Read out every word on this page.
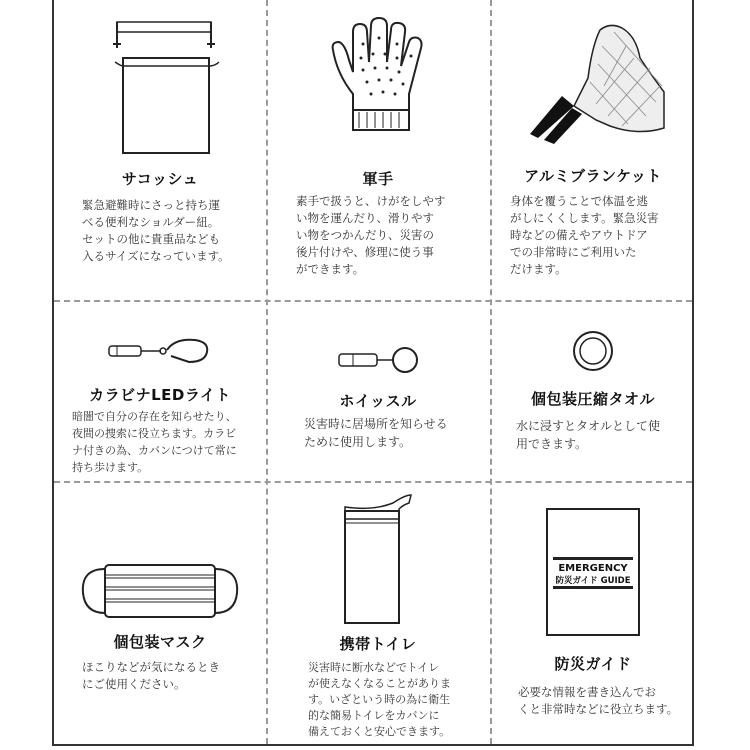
サコッシュ
緊急避難時にさっと持ち運
べる便利なショルダー紐。
セットの他に貴重品なども
入るサイズになっています。
軍手
素手で扱うと、けがをしやす
い物を運んだり、滑りやす
い物をつかんだり、災害の
後片付けや、修理に使う事
ができます。
アルミブランケット
身体を覆うことで体温を逃
がしにくくします。緊急災害
時などの備えやアウトドア
での非常時にご利用いた
だけます。
カラビナLEDライト
暗闇で自分の存在を知らせたり、
夜間の捜索に役立ちます。カラビ
ナ付きの為、カバンにつけて常に
持ち歩けます。
ホイッスル
災害時に居場所を知らせる
ために使用します。
個包装圧縮タオル
水に浸すとタオルとして使
用できます。
個包装マスク
ほこりなどが気になるとき
にご使用ください。
携帯トイレ
災害時に断水などでトイレ
が使えなくなることがありま
す。いざという時の為に衛生
的な簡易トイレをカバンに
備えておくと安心できます。
EMERGENCY
防災ガイド GUIDE
防災ガイド
必要な情報を書き込んでお
くと非常時などに役立ちます。
